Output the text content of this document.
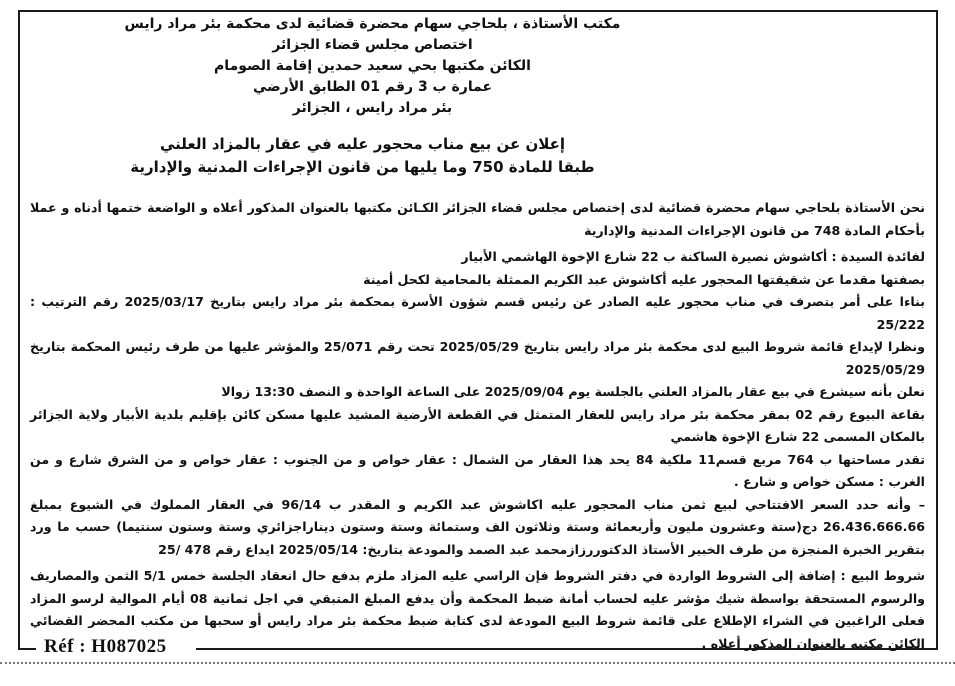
مكتب الأستاذة ، بلحاجي سهام محضرة قضائية لدى محكمة بئر مراد رايس
اختصاص مجلس قضاء الجزائر
الكائن مكتبها بحي سعيد حمدين إقامة الصومام
عمارة ب 3 رقم 01 الطابق الأرضي
بئر مراد رايس ، الجزائر
إعلان عن بيع مناب محجور عليه في عقار بالمزاد العلني
طبقا للمادة 750 وما يليها من قانون الإجراءات المدنية والإدارية

نحن الأستاذة بلحاجي سهام محضرة قضائية لدى إختصاص مجلس قضاء الجزائر الكـائن مكتبها بالعنوان المذكور أعلاه و الواضعة ختمها أدناه و عملا بأحكام المادة 748 من قانون الإجراءات المدنية والإدارية

لفائدة السيدة : أكاشوش نصيرة الساكنة ب 22 شارع الإخوة الهاشمي الأبيار

بصفتها مقدما عن شقيقتها المحجور عليه أكاشوش عبد الكريم الممثلة بالمحامية لكحل أمينة

بناءا على أمر بتصرف في مناب محجور عليه الصادر عن رئيس قسم شؤون الأسرة بمحكمة بئر مراد رايس بتاريخ 2025/03/17 رقم الترتيب : 25/222

ونظرا لإيداع قائمة شروط البيع لدى محكمة بئر مراد رايس بتاريخ 2025/05/29 تحت رقم 25/071 والمؤشر عليها من طرف رئيس المحكمة بتاريخ 2025/05/29

نعلن بأنه سيشرع في بيع عقار بالمزاد العلني بالجلسة يوم 2025/09/04 على الساعة الواحدة و النصف 13:30 زوالا

بقاعة البيوع رقم 02 بمقر محكمة بئر مراد رايس للعقار المتمثل في القطعة الأرضية المشيد عليها مسكن كائن بإقليم بلدية الأبيار ولاية الجزائر بالمكان المسمى 22 شارع الإخوة هاشمي

تقدر مساحتها ب 764 مربع قسم11 ملكية 84 يحد هذا العقار من الشمال : عقار خواص و من الجنوب : عقار خواص و من الشرق شارع و من الغرب : مسكن خواص و شارع .

– وأنه حدد السعر الافتتاحي لبيع ثمن مناب المحجور عليه اكاشوش عبد الكريم و المقدر ب 96/14 في العقار المملوك في الشيوع بمبلغ 26.436.666.66 دج(ستة وعشرون مليون وأربعمائة وستة وثلاثون الف وستمائة وستة وستون ديناراجزائري وستة وستون سنتيما) حسب ما ورد بتقرير الخبرة المنجزة من طرف الخبير الأستاذ الدكتوررزازمحمد عبد الصمد والمودعة بتاريخ: 2025/05/14 ايداع رقم 478 /25

شروط البيع : إضافة إلى الشروط الواردة في دفتر الشروط فإن الراسي عليه المزاد ملزم بدفع حال انعقاد الجلسة خمس 5/1 الثمن والمصاريف والرسوم المستحقة بواسطة شيك مؤشر عليه لحساب أمانة ضبط المحكمة وأن يدفع المبلغ المتبقي في اجل ثمانية 08 أيام الموالية لرسو المزاد فعلى الراغبين في الشراء الإطلاع على قائمة شروط البيع المودعة لدى كتابة ضبط محكمة بئر مراد رايس أو سحبها من مكتب المحضر القضائي الكائن مكتبه بالعنوان المذكور أعلاه .

Réf : H087025
